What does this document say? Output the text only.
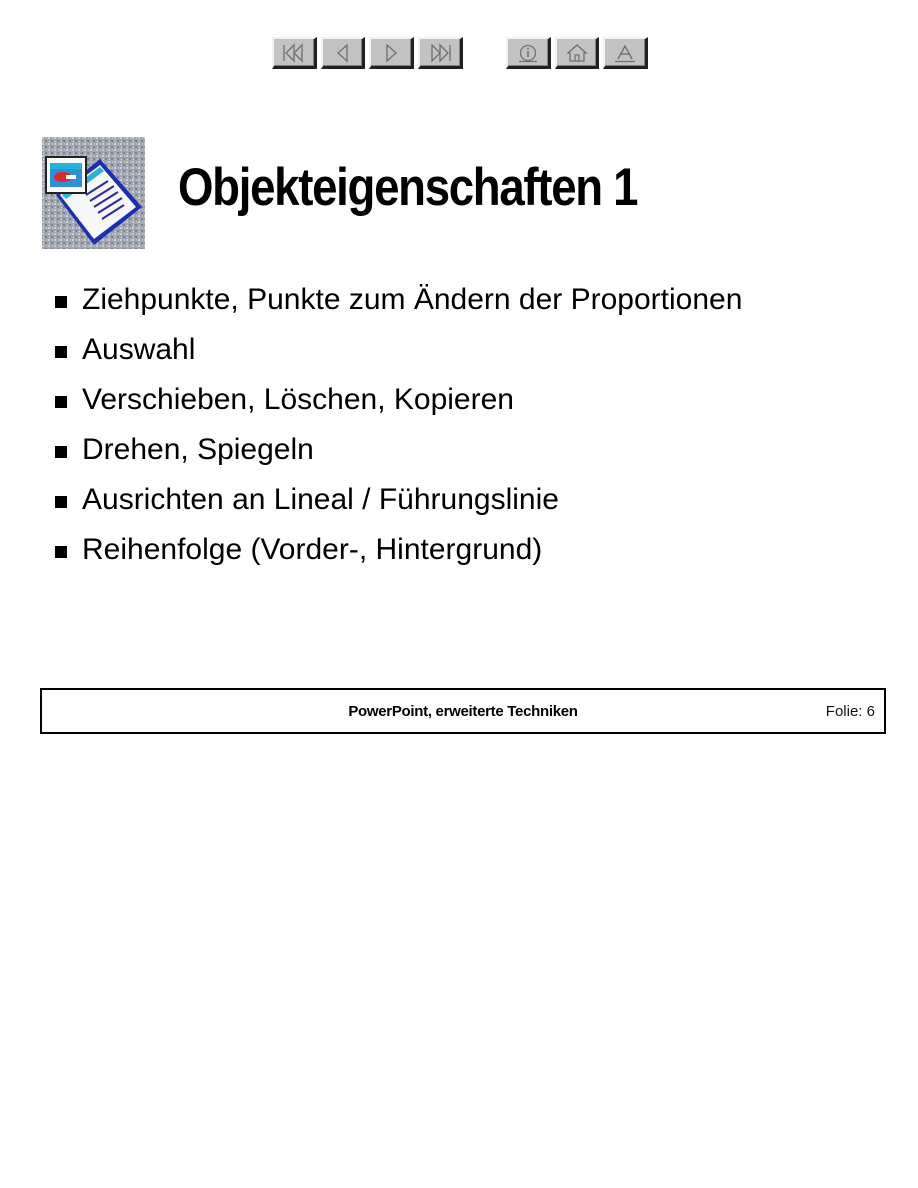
Objekteigenschaften 1
Ziehpunkte, Punkte zum Ändern der Proportionen
Auswahl
Verschieben, Löschen, Kopieren
Drehen, Spiegeln
Ausrichten an Lineal / Führungslinie
Reihenfolge (Vorder-, Hintergrund)
PowerPoint, erweiterte Techniken	Folie: 6
